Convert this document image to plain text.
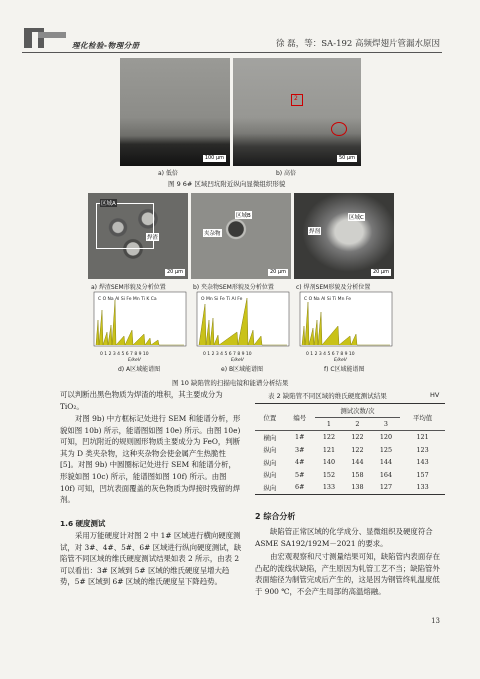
理化检验-物理分册	徐 磊，等：SA-192 高频焊翅片管漏水原因
100 μm
2
50 μm
a) 低倍	b) 高倍
图 9 6# 区域凹坑附近纵向显微组织形貌
区域A
焊渣
20 μm
区域B
夹杂物
20 μm
区域C
焊剂
20 μm
a) 焊渣SEM形貌及分析位置	b) 夹杂物SEM形貌及分析位置	c) 焊剂SEM形貌及分析位置
C O Na Al Si Fe Mn Ti K Ca	O Mn Si Fe Ti Al Fe	C O Na Al Si Ti Mn Fe
0 1 2 3 4 5 6 7 8 9 10	0 1 2 3 4 5 6 7 8 9 10	0 1 2 3 4 5 6 7 8 9 10
E/keV	E/keV	E/keV
d) A区域能谱图	e) B区域能谱图	f) C区域能谱图
图 10 缺陷管的扫描电镜和能谱分析结果
可以判断出黑色物质为焊渣的堆积，其主要成分为 TiO₂。
对图 9b) 中方框标记处进行 SEM 和能谱分析，形貌如图 10b) 所示，能谱图如图 10e) 所示。由图 10e) 可知，凹坑附近的规则圆形物质主要成分为 FeO，判断其为 D 类夹杂物，这种夹杂物会使金属产生热脆性[5]。对图 9b) 中圆圈标记处进行 SEM 和能谱分析，形貌如图 10c) 所示，能谱图如图 10f) 所示。由图 10f) 可知，凹坑表面覆盖的灰色物质为焊接时残留的焊剂。
1.6 硬度测试
采用万能硬度计对图 2 中 1# 区域进行横向硬度测试，对 3#、4#、5#、6# 区域进行纵向硬度测试，缺陷管不同区域的维氏硬度测试结果如表 2 所示，由表 2 可以看出：3# 区域到 5# 区域的维氏硬度呈增大趋势，5# 区域到 6# 区域的维氏硬度呈下降趋势。
表 2 缺陷管不同区域的维氏硬度测试结果	HV
位置	编号	测试次数/次			平均值
		1	2	3	
横向	1#	122	122	120	121
纵向	3#	121	122	125	123
纵向	4#	140	144	144	143
纵向	5#	152	158	164	157
纵向	6#	133	138	127	133
2 综合分析
缺陷管正常区域的化学成分、显微组织及硬度符合 ASME SA192/192M－2021 的要求。
由宏观观察和尺寸测量结果可知，缺陷管内表面存在凸起的流线状缺陷，产生原因为轧管工艺不当；缺陷管外表面缩径为制管完成后产生的，这是因为钢管终轧温度低于 900 ℃，不会产生局部的高温熔融。
13
